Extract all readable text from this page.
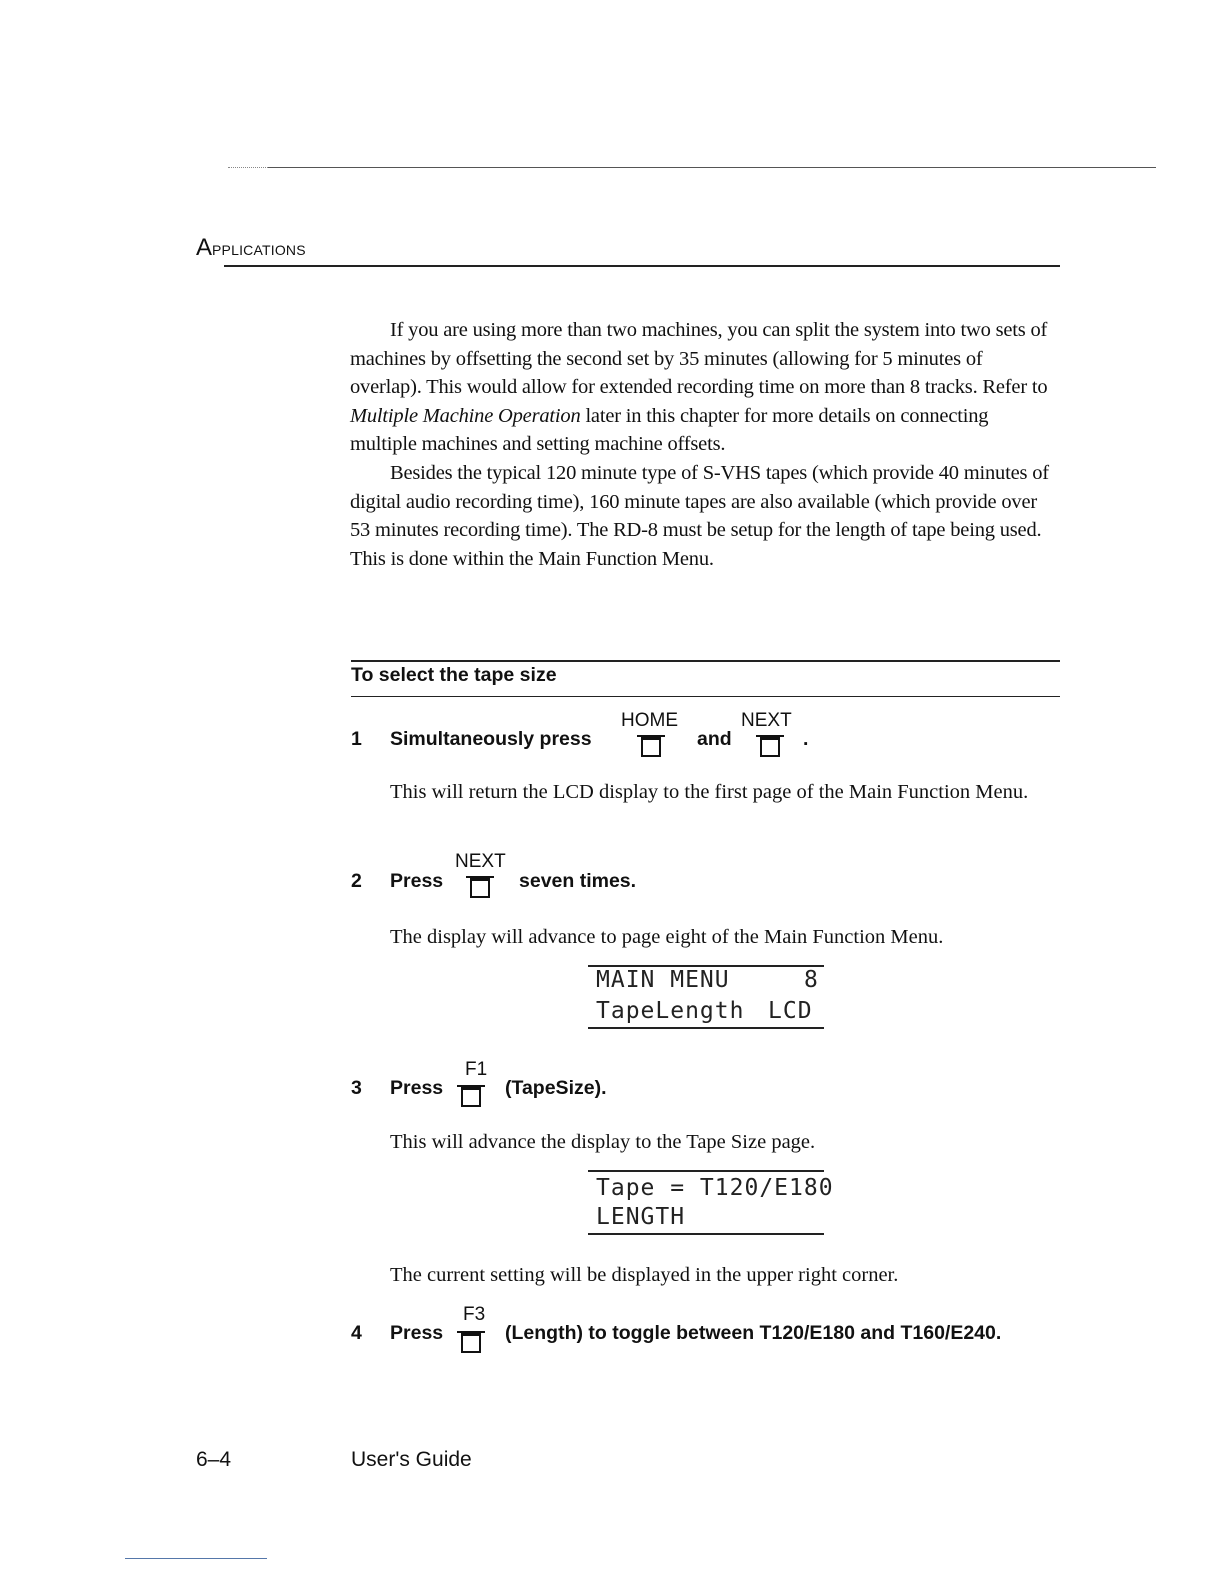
APPLICATIONS

If you are using more than two machines, you can split the system into two sets of machines by offsetting the second set by 35 minutes (allowing for 5 minutes of overlap). This would allow for extended recording time on more than 8 tracks. Refer to Multiple Machine Operation later in this chapter for more details on connecting multiple machines and setting machine offsets.

Besides the typical 120 minute type of S-VHS tapes (which provide 40 minutes of digital audio recording time), 160 minute tapes are also available (which provide over 53 minutes recording time). The RD-8 must be setup for the length of tape being used. This is done within the Main Function Menu.

To select the tape size
1 Simultaneously press
HOME
and
NEXT
.
This will return the LCD display to the first page of the Main Function Menu.
2 Press
NEXT
seven times.
The display will advance to page eight of the Main Function Menu.
MAIN MENU	8
TapeLength LCD
3 Press
F1
(TapeSize).
This will advance the display to the Tape Size page.
Tape = T120/E180
LENGTH
The current setting will be displayed in the upper right corner.
4 Press
F3
(Length) to toggle between T120/E180 and T160/E240.
6–4	User's Guide
